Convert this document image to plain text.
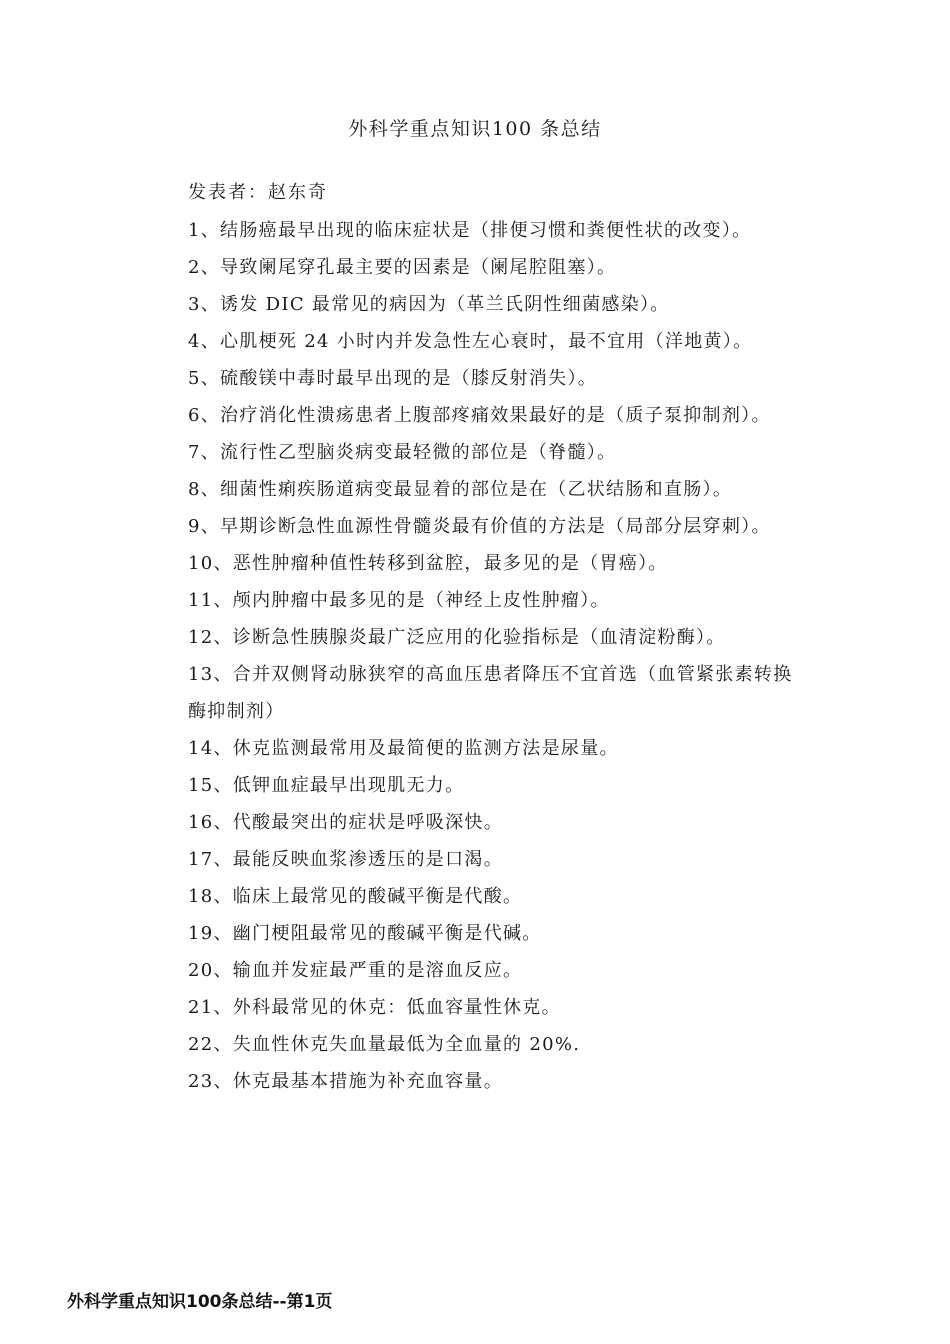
外科学重点知识100 条总结
发表者：赵东奇
1、结肠癌最早出现的临床症状是（排便习惯和粪便性状的改变）。
2、导致阑尾穿孔最主要的因素是（阑尾腔阻塞）。
3、诱发 DIC 最常见的病因为（革兰氏阴性细菌感染）。
4、心肌梗死 24 小时内并发急性左心衰时，最不宜用（洋地黄）。
5、硫酸镁中毒时最早出现的是（膝反射消失）。
6、治疗消化性溃疡患者上腹部疼痛效果最好的是（质子泵抑制剂）。
7、流行性乙型脑炎病变最轻微的部位是（脊髓）。
8、细菌性痢疾肠道病变最显着的部位是在（乙状结肠和直肠）。
9、早期诊断急性血源性骨髓炎最有价值的方法是（局部分层穿刺）。
10、恶性肿瘤种值性转移到盆腔，最多见的是（胃癌）。
11、颅内肿瘤中最多见的是（神经上皮性肿瘤）。
12、诊断急性胰腺炎最广泛应用的化验指标是（血清淀粉酶）。
13、合并双侧肾动脉狭窄的高血压患者降压不宜首选（血管紧张素转换
酶抑制剂）
14、休克监测最常用及最简便的监测方法是尿量。
15、低钾血症最早出现肌无力。
16、代酸最突出的症状是呼吸深快。
17、最能反映血浆渗透压的是口渴。
18、临床上最常见的酸碱平衡是代酸。
19、幽门梗阻最常见的酸碱平衡是代碱。
20、输血并发症最严重的是溶血反应。
21、外科最常见的休克：低血容量性休克。
22、失血性休克失血量最低为全血量的 20%.
23、休克最基本措施为补充血容量。
外科学重点知识100条总结--第1页
